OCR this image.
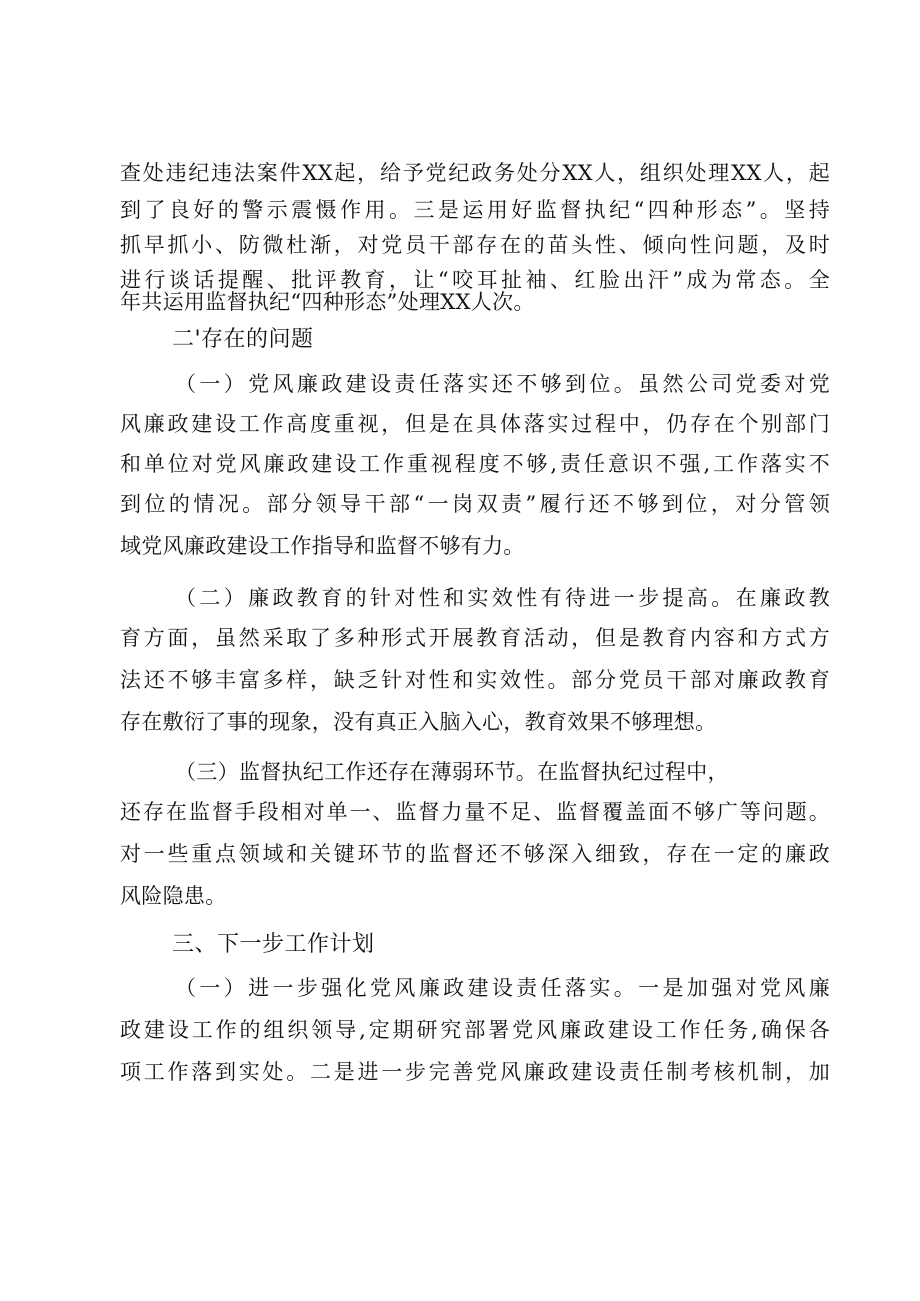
查处违纪违法案件XX起，给予党纪政务处分XX人，组织处理XX人，起
到了良好的警示震慑作用。三是运用好监督执纪“四种形态”。坚持
抓早抓小、防微杜渐，对党员干部存在的苗头性、倾向性问题，及时
进行谈话提醒、批评教育，让“咬耳扯袖、红脸出汗”成为常态。全
年共运用监督执纪“四种形态”处理XX人次。
二'存在的问题
（一）党风廉政建设责任落实还不够到位。虽然公司党委对党
风廉政建设工作高度重视，但是在具体落实过程中，仍存在个别部门
和单位对党风廉政建设工作重视程度不够,责任意识不强,工作落实不
到位的情况。部分领导干部“一岗双责”履行还不够到位，对分管领
域党风廉政建设工作指导和监督不够有力。
（二）廉政教育的针对性和实效性有待进一步提高。在廉政教
育方面，虽然采取了多种形式开展教育活动，但是教育内容和方式方
法还不够丰富多样，缺乏针对性和实效性。部分党员干部对廉政教育
存在敷衍了事的现象，没有真正入脑入心，教育效果不够理想。
（三）监督执纪工作还存在薄弱环节。在监督执纪过程中，
还存在监督手段相对单一、监督力量不足、监督覆盖面不够广等问题。
对一些重点领域和关键环节的监督还不够深入细致，存在一定的廉政
风险隐患。
三、下一步工作计划
（一）进一步强化党风廉政建设责任落实。一是加强对党风廉
政建设工作的组织领导,定期研究部署党风廉政建设工作任务,确保各
项工作落到实处。二是进一步完善党风廉政建设责任制考核机制，加
